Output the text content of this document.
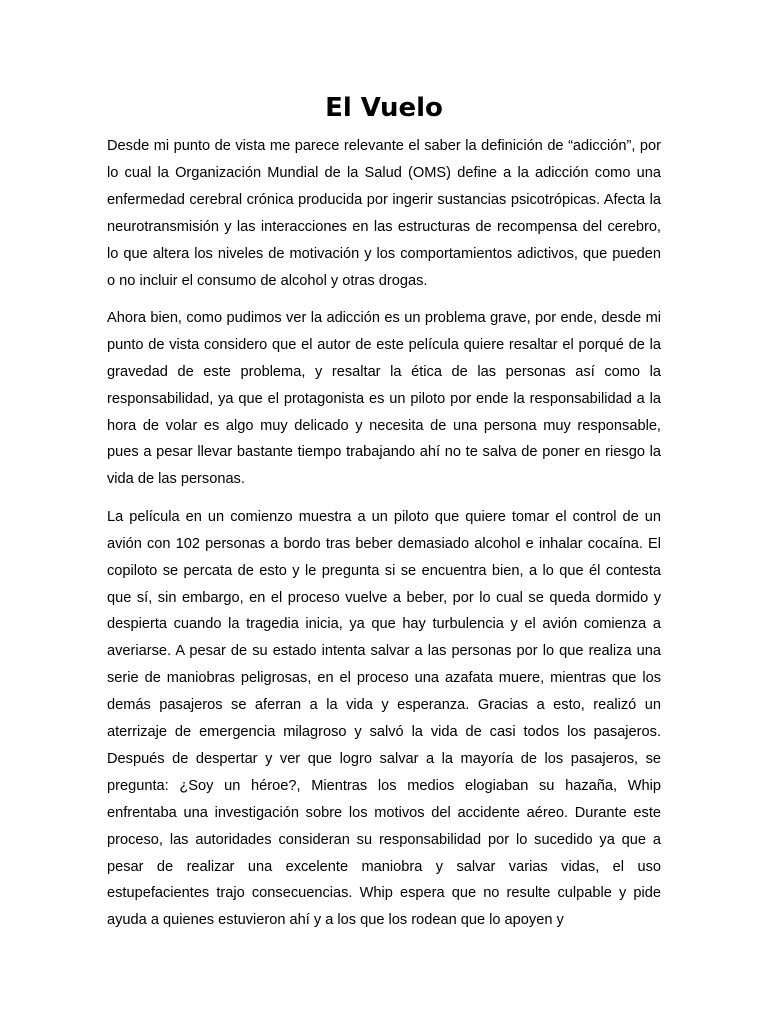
El Vuelo

Desde mi punto de vista me parece relevante el saber la definición de “adicción”, por lo cual la Organización Mundial de la Salud (OMS) define a la adicción como una enfermedad cerebral crónica producida por ingerir sustancias psicotrópicas. Afecta la neurotransmisión y las interacciones en las estructuras de recompensa del cerebro, lo que altera los niveles de motivación y los comportamientos adictivos, que pueden o no incluir el consumo de alcohol y otras drogas.

Ahora bien, como pudimos ver la adicción es un problema grave, por ende, desde mi punto de vista considero que el autor de este película quiere resaltar el porqué de la gravedad de este problema, y resaltar la ética de las personas así como la responsabilidad, ya que el protagonista es un piloto por ende la responsabilidad a la hora de volar es algo muy delicado y necesita de una persona muy responsable, pues a pesar llevar bastante tiempo trabajando ahí no te salva de poner en riesgo la vida de las personas.

La película en un comienzo muestra a un piloto que quiere tomar el control de un avión con 102 personas a bordo tras beber demasiado alcohol e inhalar cocaína. El copiloto se percata de esto y le pregunta si se encuentra bien, a lo que él contesta que sí, sin embargo, en el proceso vuelve a beber, por lo cual se queda dormido y despierta cuando la tragedia inicia, ya que hay turbulencia y el avión comienza a averiarse. A pesar de su estado intenta salvar a las personas por lo que realiza una serie de maniobras peligrosas, en el proceso una azafata muere, mientras que los demás pasajeros se aferran a la vida y esperanza. Gracias a esto, realizó un aterrizaje de emergencia milagroso y salvó la vida de casi todos los pasajeros. Después de despertar y ver que logro salvar a la mayoría de los pasajeros, se pregunta: ¿Soy un héroe?, Mientras los medios elogiaban su hazaña, Whip enfrentaba una investigación sobre los motivos del accidente aéreo. Durante este proceso, las autoridades consideran su responsabilidad por lo sucedido ya que a pesar de realizar una excelente maniobra y salvar varias vidas, el uso estupefacientes trajo consecuencias. Whip espera que no resulte culpable y pide ayuda a quienes estuvieron ahí y a los que los rodean que lo apoyen y
